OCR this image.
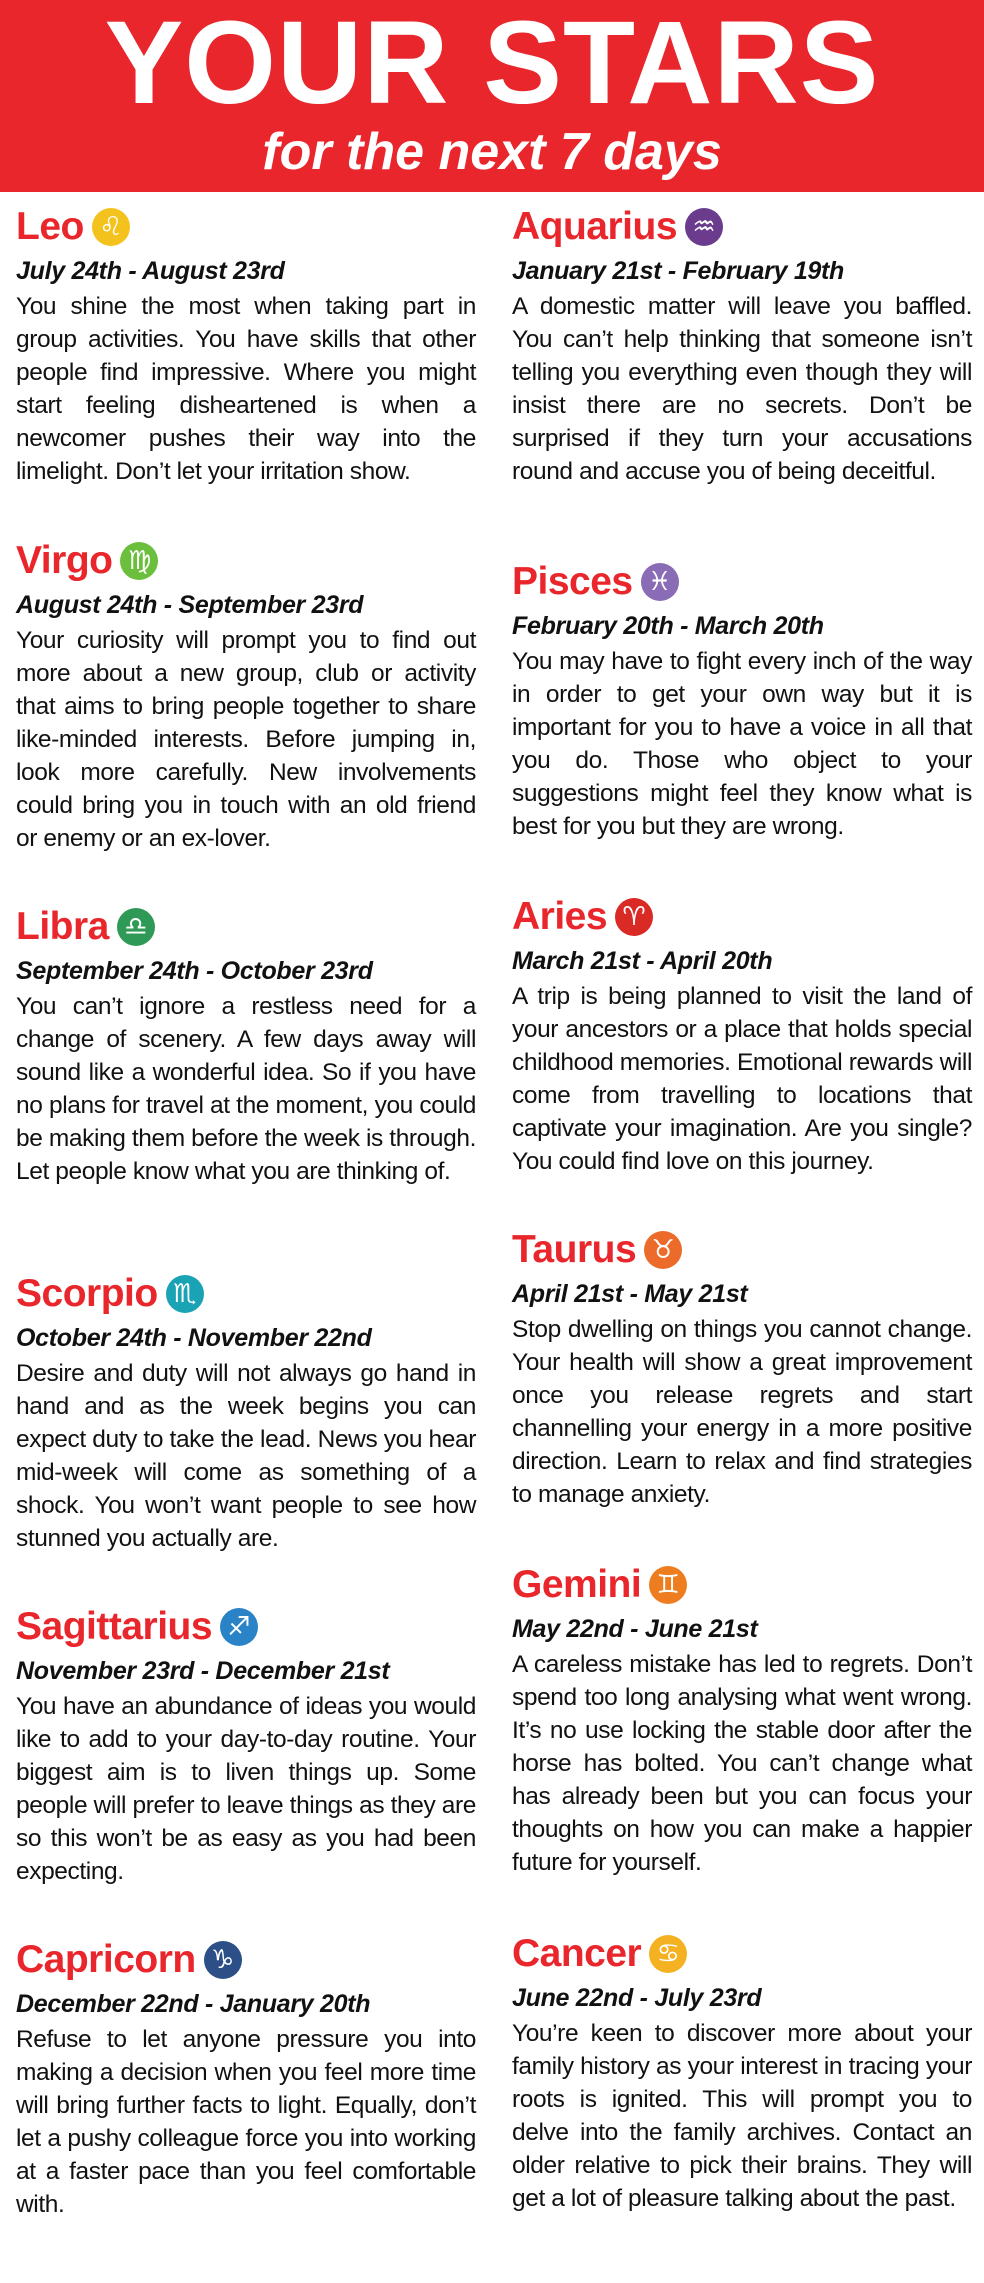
YOUR STARS
for the next 7 days
Leo ♌
July 24th - August 23rd
You shine the most when taking part in group activities. You have skills that other people find impressive. Where you might start feeling disheartened is when a newcomer pushes their way into the limelight. Don’t let your irritation show.
Virgo ♍
August 24th - September 23rd
Your curiosity will prompt you to find out more about a new group, club or activity that aims to bring people together to share like-minded interests. Before jumping in, look more carefully. New involvements could bring you in touch with an old friend or enemy or an ex-lover.
Libra ♎
September 24th - October 23rd
You can’t ignore a restless need for a change of scenery. A few days away will sound like a wonderful idea. So if you have no plans for travel at the moment, you could be making them before the week is through. Let people know what you are thinking of.
Scorpio ♏
October 24th - November 22nd
Desire and duty will not always go hand in hand and as the week begins you can expect duty to take the lead. News you hear mid-week will come as something of a shock. You won’t want people to see how stunned you actually are.
Sagittarius ♐
November 23rd - December 21st
You have an abundance of ideas you would like to add to your day-to-day routine. Your biggest aim is to liven things up. Some people will prefer to leave things as they are so this won’t be as easy as you had been expecting.
Capricorn ♑
December 22nd - January 20th
Refuse to let anyone pressure you into making a decision when you feel more time will bring further facts to light. Equally, don’t let a pushy colleague force you into working at a faster pace than you feel comfortable with.
Aquarius ♒
January 21st - February 19th
A domestic matter will leave you baffled. You can’t help thinking that someone isn’t telling you everything even though they will insist there are no secrets. Don’t be surprised if they turn your accusations round and accuse you of being deceitful.
Pisces ♓
February 20th - March 20th
You may have to fight every inch of the way in order to get your own way but it is important for you to have a voice in all that you do. Those who object to your suggestions might feel they know what is best for you but they are wrong.
Aries ♈
March 21st - April 20th
A trip is being planned to visit the land of your ancestors or a place that holds special childhood memories. Emotional rewards will come from travelling to locations that captivate your imagination. Are you single? You could find love on this journey.
Taurus ♉
April 21st - May 21st
Stop dwelling on things you cannot change. Your health will show a great improvement once you release regrets and start channelling your energy in a more positive direction. Learn to relax and find strategies to manage anxiety.
Gemini ♊
May 22nd - June 21st
A careless mistake has led to regrets. Don’t spend too long analysing what went wrong. It’s no use locking the stable door after the horse has bolted. You can’t change what has already been but you can focus your thoughts on how you can make a happier future for yourself.
Cancer ♋
June 22nd - July 23rd
You’re keen to discover more about your family history as your interest in tracing your roots is ignited. This will prompt you to delve into the family archives. Contact an older relative to pick their brains. They will get a lot of pleasure talking about the past.
